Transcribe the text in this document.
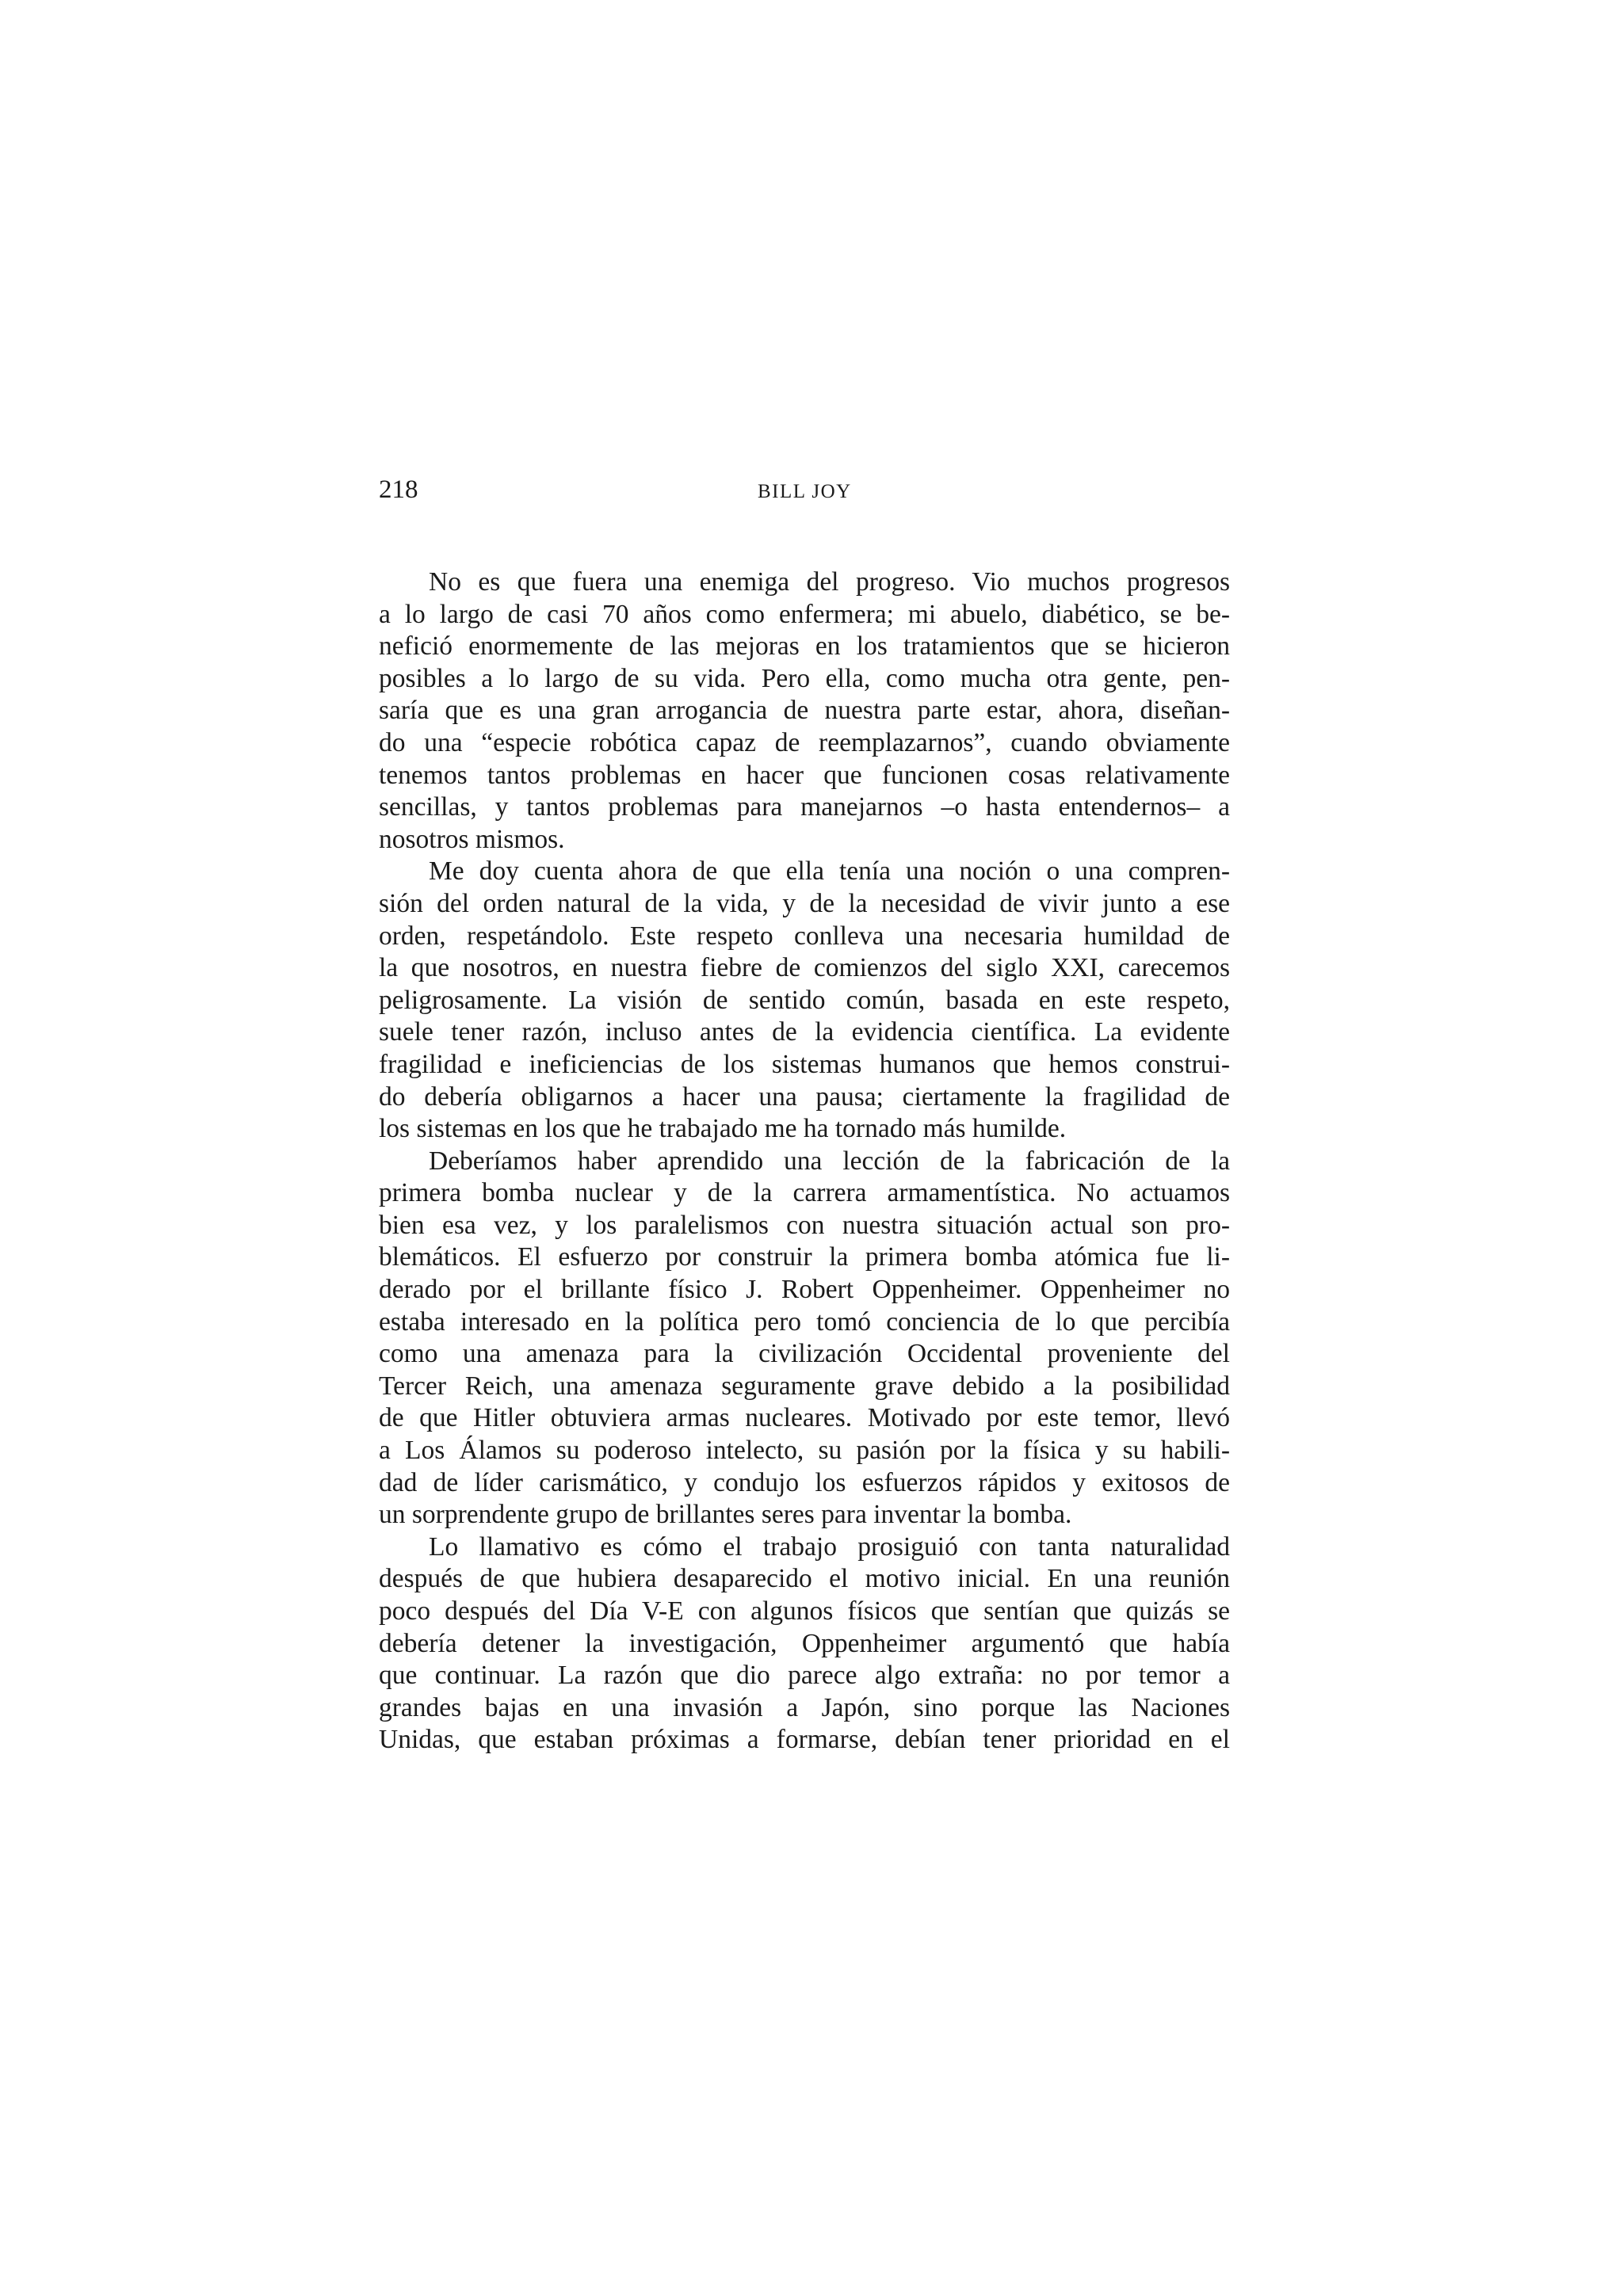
218	BILL JOY
No es que fuera una enemiga del progreso. Vio muchos progresos
a lo largo de casi 70 años como enfermera; mi abuelo, diabético, se be-
nefició enormemente de las mejoras en los tratamientos que se hicieron
posibles a lo largo de su vida. Pero ella, como mucha otra gente, pen-
saría que es una gran arrogancia de nuestra parte estar, ahora, diseñan-
do una “especie robótica capaz de reemplazarnos”, cuando obviamente
tenemos tantos problemas en hacer que funcionen cosas relativamente
sencillas, y tantos problemas para manejarnos –o hasta entendernos– a
nosotros mismos.
Me doy cuenta ahora de que ella tenía una noción o una compren-
sión del orden natural de la vida, y de la necesidad de vivir junto a ese
orden, respetándolo. Este respeto conlleva una necesaria humildad de
la que nosotros, en nuestra fiebre de comienzos del siglo XXI, carecemos
peligrosamente. La visión de sentido común, basada en este respeto,
suele tener razón, incluso antes de la evidencia científica. La evidente
fragilidad e ineficiencias de los sistemas humanos que hemos construi-
do debería obligarnos a hacer una pausa; ciertamente la fragilidad de
los sistemas en los que he trabajado me ha tornado más humilde.
Deberíamos haber aprendido una lección de la fabricación de la
primera bomba nuclear y de la carrera armamentística. No actuamos
bien esa vez, y los paralelismos con nuestra situación actual son pro-
blemáticos. El esfuerzo por construir la primera bomba atómica fue li-
derado por el brillante físico J. Robert Oppenheimer. Oppenheimer no
estaba interesado en la política pero tomó conciencia de lo que percibía
como una amenaza para la civilización Occidental proveniente del
Tercer Reich, una amenaza seguramente grave debido a la posibilidad
de que Hitler obtuviera armas nucleares. Motivado por este temor, llevó
a Los Álamos su poderoso intelecto, su pasión por la física y su habili-
dad de líder carismático, y condujo los esfuerzos rápidos y exitosos de
un sorprendente grupo de brillantes seres para inventar la bomba.
Lo llamativo es cómo el trabajo prosiguió con tanta naturalidad
después de que hubiera desaparecido el motivo inicial. En una reunión
poco después del Día V-E con algunos físicos que sentían que quizás se
debería detener la investigación, Oppenheimer argumentó que había
que continuar. La razón que dio parece algo extraña: no por temor a
grandes bajas en una invasión a Japón, sino porque las Naciones
Unidas, que estaban próximas a formarse, debían tener prioridad en el
